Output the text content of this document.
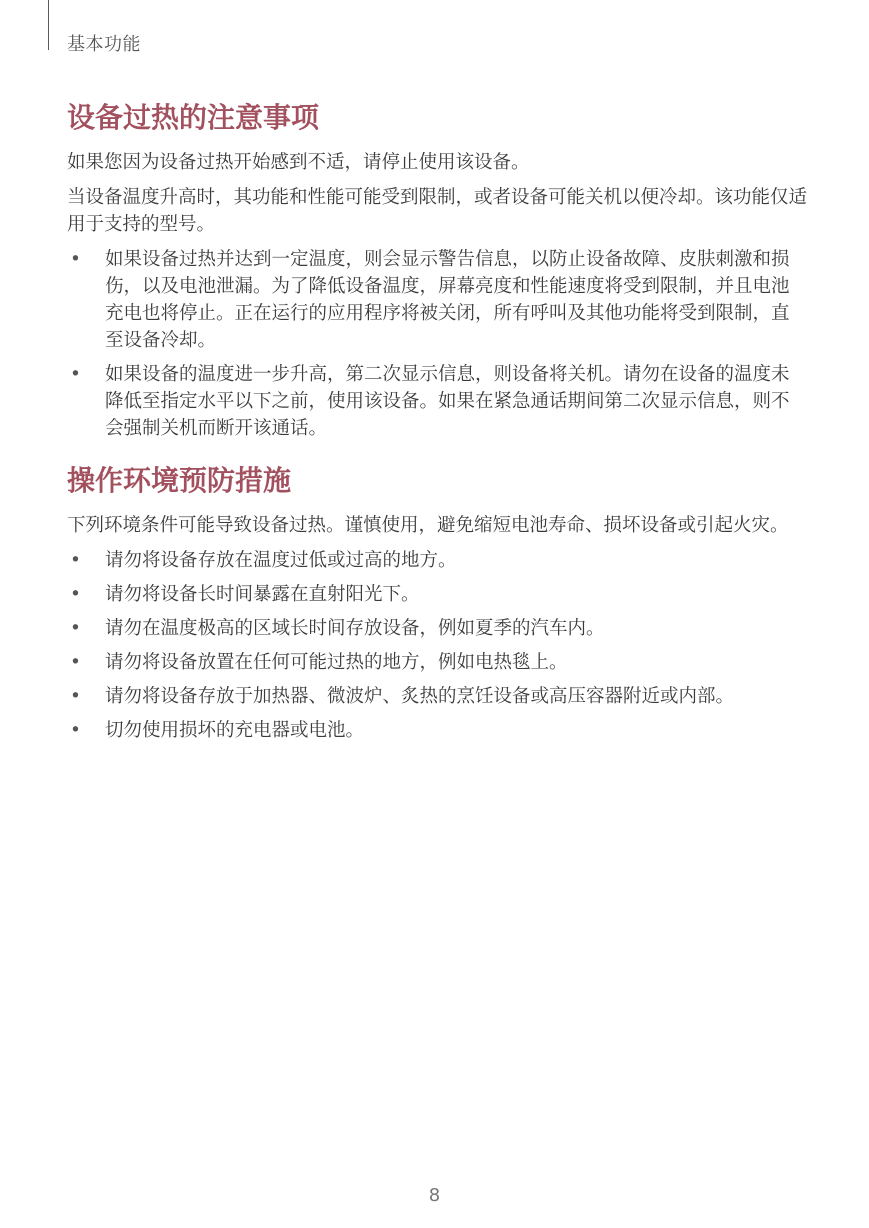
基本功能
设备过热的注意事项

如果您因为设备过热开始感到不适，请停止使用该设备。

当设备温度升高时，其功能和性能可能受到限制，或者设备可能关机以便冷却。该功能仅适用于支持的型号。

• 如果设备过热并达到一定温度，则会显示警告信息，以防止设备故障、皮肤刺激和损伤，以及电池泄漏。为了降低设备温度，屏幕亮度和性能速度将受到限制，并且电池充电也将停止。正在运行的应用程序将被关闭，所有呼叫及其他功能将受到限制，直至设备冷却。
• 如果设备的温度进一步升高，第二次显示信息，则设备将关机。请勿在设备的温度未降低至指定水平以下之前，使用该设备。如果在紧急通话期间第二次显示信息，则不会强制关机而断开该通话。
操作环境预防措施

下列环境条件可能导致设备过热。谨慎使用，避免缩短电池寿命、损坏设备或引起火灾。

• 请勿将设备存放在温度过低或过高的地方。
• 请勿将设备长时间暴露在直射阳光下。
• 请勿在温度极高的区域长时间存放设备，例如夏季的汽车内。
• 请勿将设备放置在任何可能过热的地方，例如电热毯上。
• 请勿将设备存放于加热器、微波炉、炙热的烹饪设备或高压容器附近或内部。
• 切勿使用损坏的充电器或电池。
8
